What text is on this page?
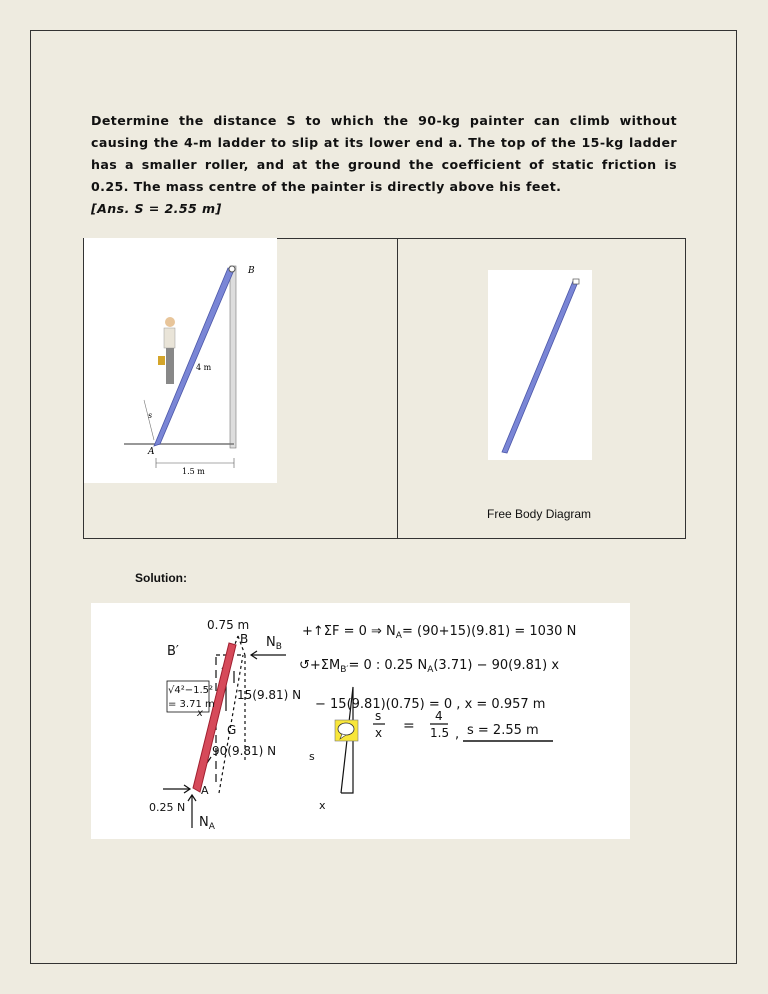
Determine the distance S to which the 90-kg painter can climb without causing the 4-m ladder to slip at its lower end a. The top of the 15-kg ladder has a smaller roller, and at the ground the coefficient of static friction is 0.25. The mass centre of the painter is directly above his feet.
[Ans. S = 2.55 m]
B
4 m
s
A
1.5 m
Free Body Diagram
Solution:
0.75 m
B
B′
$N_B$
√4²−1.5²
= 3.71 m
x
15(9.81) N
G
90(9.81) N
A
0.25 N
$N_A$
+↑ΣF = 0 ⇒ $N_A= (90+15)(9.81) = 1030$ N
$↺+\Sigma M_{B'}= 0$ : 0.25 $N_A(3.71) - 90(9.81)$ x
− 15(9.81)(0.75) = 0 , x = 0.957 m
s
x =
4
1.5 , s = 2.55 m
s
x
